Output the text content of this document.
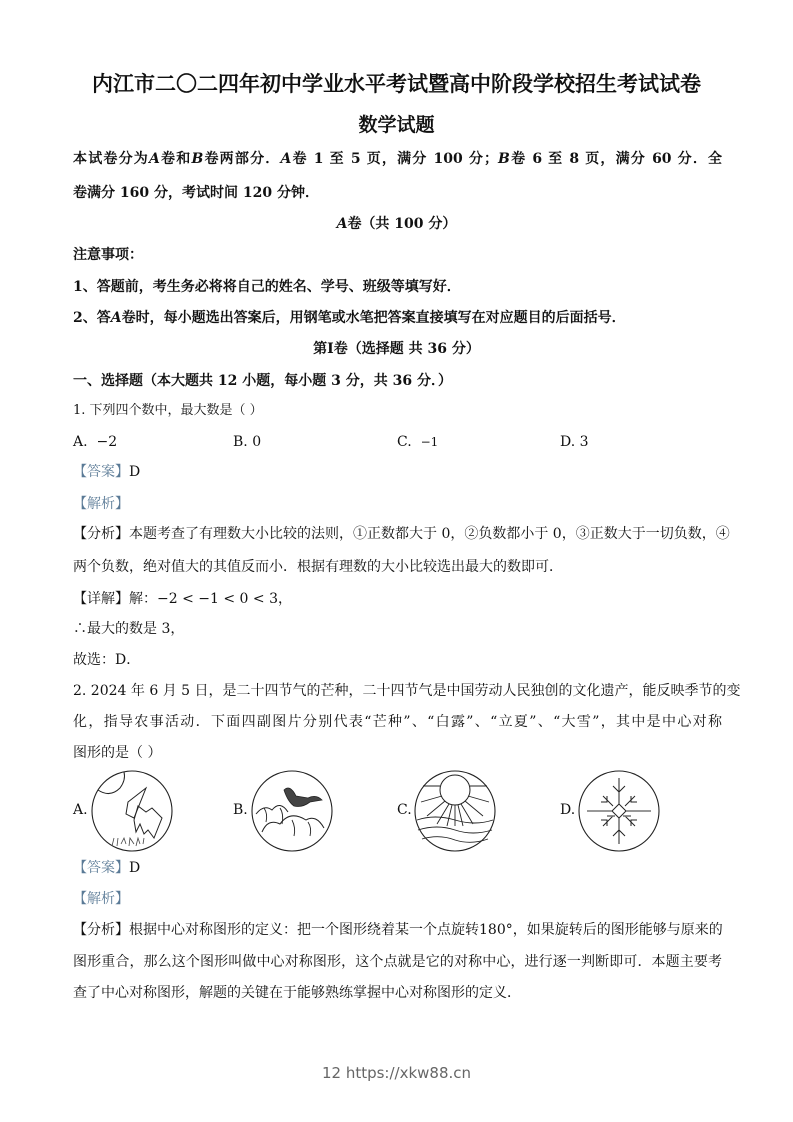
内江市二〇二四年初中学业水平考试暨高中阶段学校招生考试试卷
数学试题
本试卷分为A卷和B卷两部分．A卷 1 至 5 页，满分 100 分；B卷 6 至 8 页，满分 60 分．全
卷满分 160 分，考试时间 120 分钟．
A卷（共 100 分）
注意事项：
1、答题前，考生务必将将自己的姓名、学号、班级等填写好．
2、答A卷时，每小题选出答案后，用钢笔或水笔把答案直接填写在对应题目的后面括号．
第Ⅰ卷（选择题 共 36 分）
一、选择题（本大题共 12 小题，每小题 3 分，共 36 分．）
1. 下列四个数中，最大数是（ ）
A. −2	B. 0	C. −1	D. 3
【答案】D
【解析】
【分析】本题考查了有理数大小比较的法则，①正数都大于 0，②负数都小于 0，③正数大于一切负数，④
两个负数，绝对值大的其值反而小．根据有理数的大小比较选出最大的数即可．
【详解】解：−2 < −1 < 0 < 3，
∴最大的数是 3，
故选：D．
2. 2024 年 6 月 5 日，是二十四节气的芒种，二十四节气是中国劳动人民独创的文化遗产，能反映季节的变
化，指导农事活动．下面四副图片分别代表“芒种”、“白露”、“立夏”、“大雪”，其中是中心对称
图形的是（ ）
A.	B.	C.	D.
【答案】D
【解析】
【分析】根据中心对称图形的定义：把一个图形绕着某一个点旋转180°，如果旋转后的图形能够与原来的
图形重合，那么这个图形叫做中心对称图形，这个点就是它的对称中心，进行逐一判断即可．本题主要考
查了中心对称图形，解题的关键在于能够熟练掌握中心对称图形的定义．
12 https://xkw88.cn
